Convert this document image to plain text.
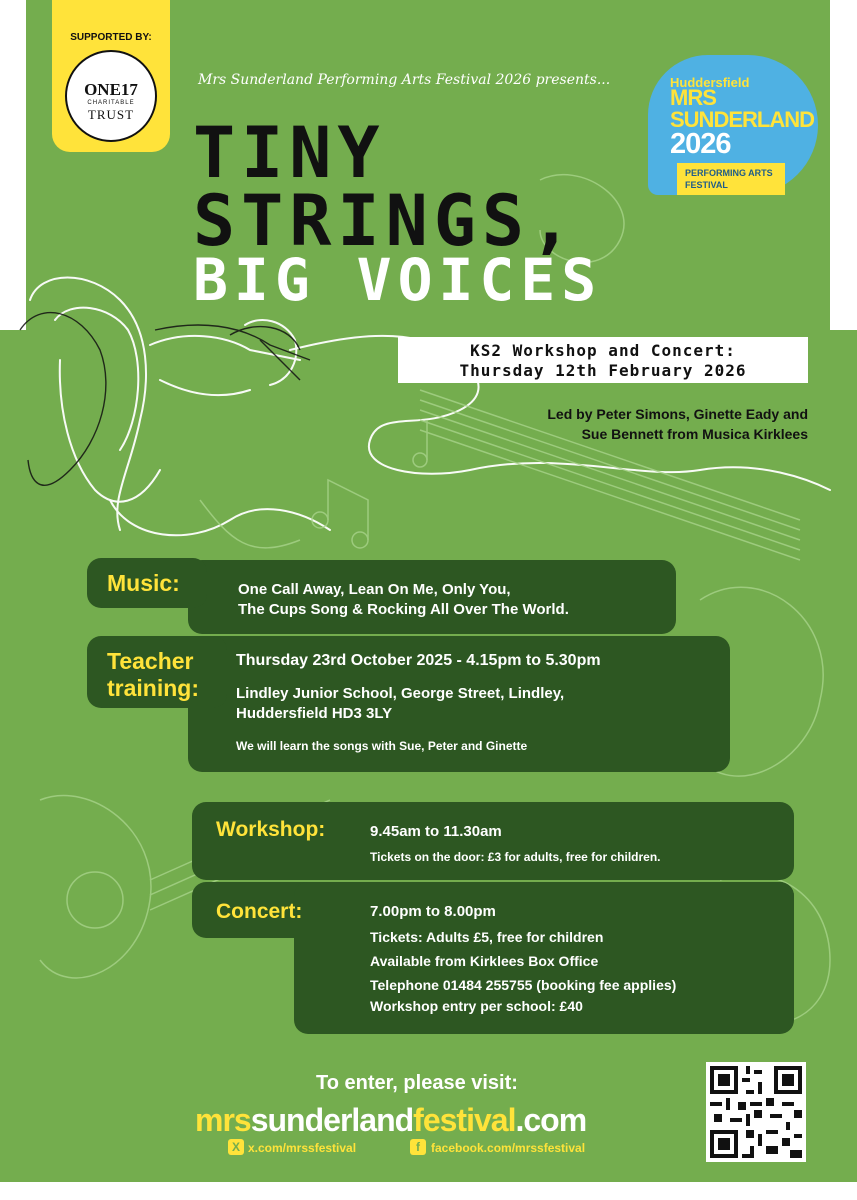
SUPPORTED BY:
ONE17
CHARITABLE
TRUST
Mrs Sunderland Performing Arts Festival 2026 presents...	Huddersfield
MRS
SUNDERLAND
2026
PERFORMING ARTS
FESTIVAL
TINY
STRINGS,
BIG VOICES
KS2 Workshop and Concert:
Thursday 12th February 2026
Led by Peter Simons, Ginette Eady and
Sue Bennett from Musica Kirklees
Music:	One Call Away, Lean On Me, Only You,
The Cups Song & Rocking All Over The World.
Teacher
training:
Thursday 23rd October 2025 - 4.15pm to 5.30pm
Lindley Junior School, George Street, Lindley,
Huddersfield HD3 3LY
We will learn the songs with Sue, Peter and Ginette
Workshop:	9.45am to 11.30am
Tickets on the door: £3 for adults, free for children.
Concert:	7.00pm to 8.00pm
Tickets: Adults £5, free for children
Available from Kirklees Box Office
Telephone 01484 255755 (booking fee applies)
Workshop entry per school: £40
To enter, please visit:
mrssunderlandfestival.com
X x.com/mrssfestival	f facebook.com/mrssfestival
